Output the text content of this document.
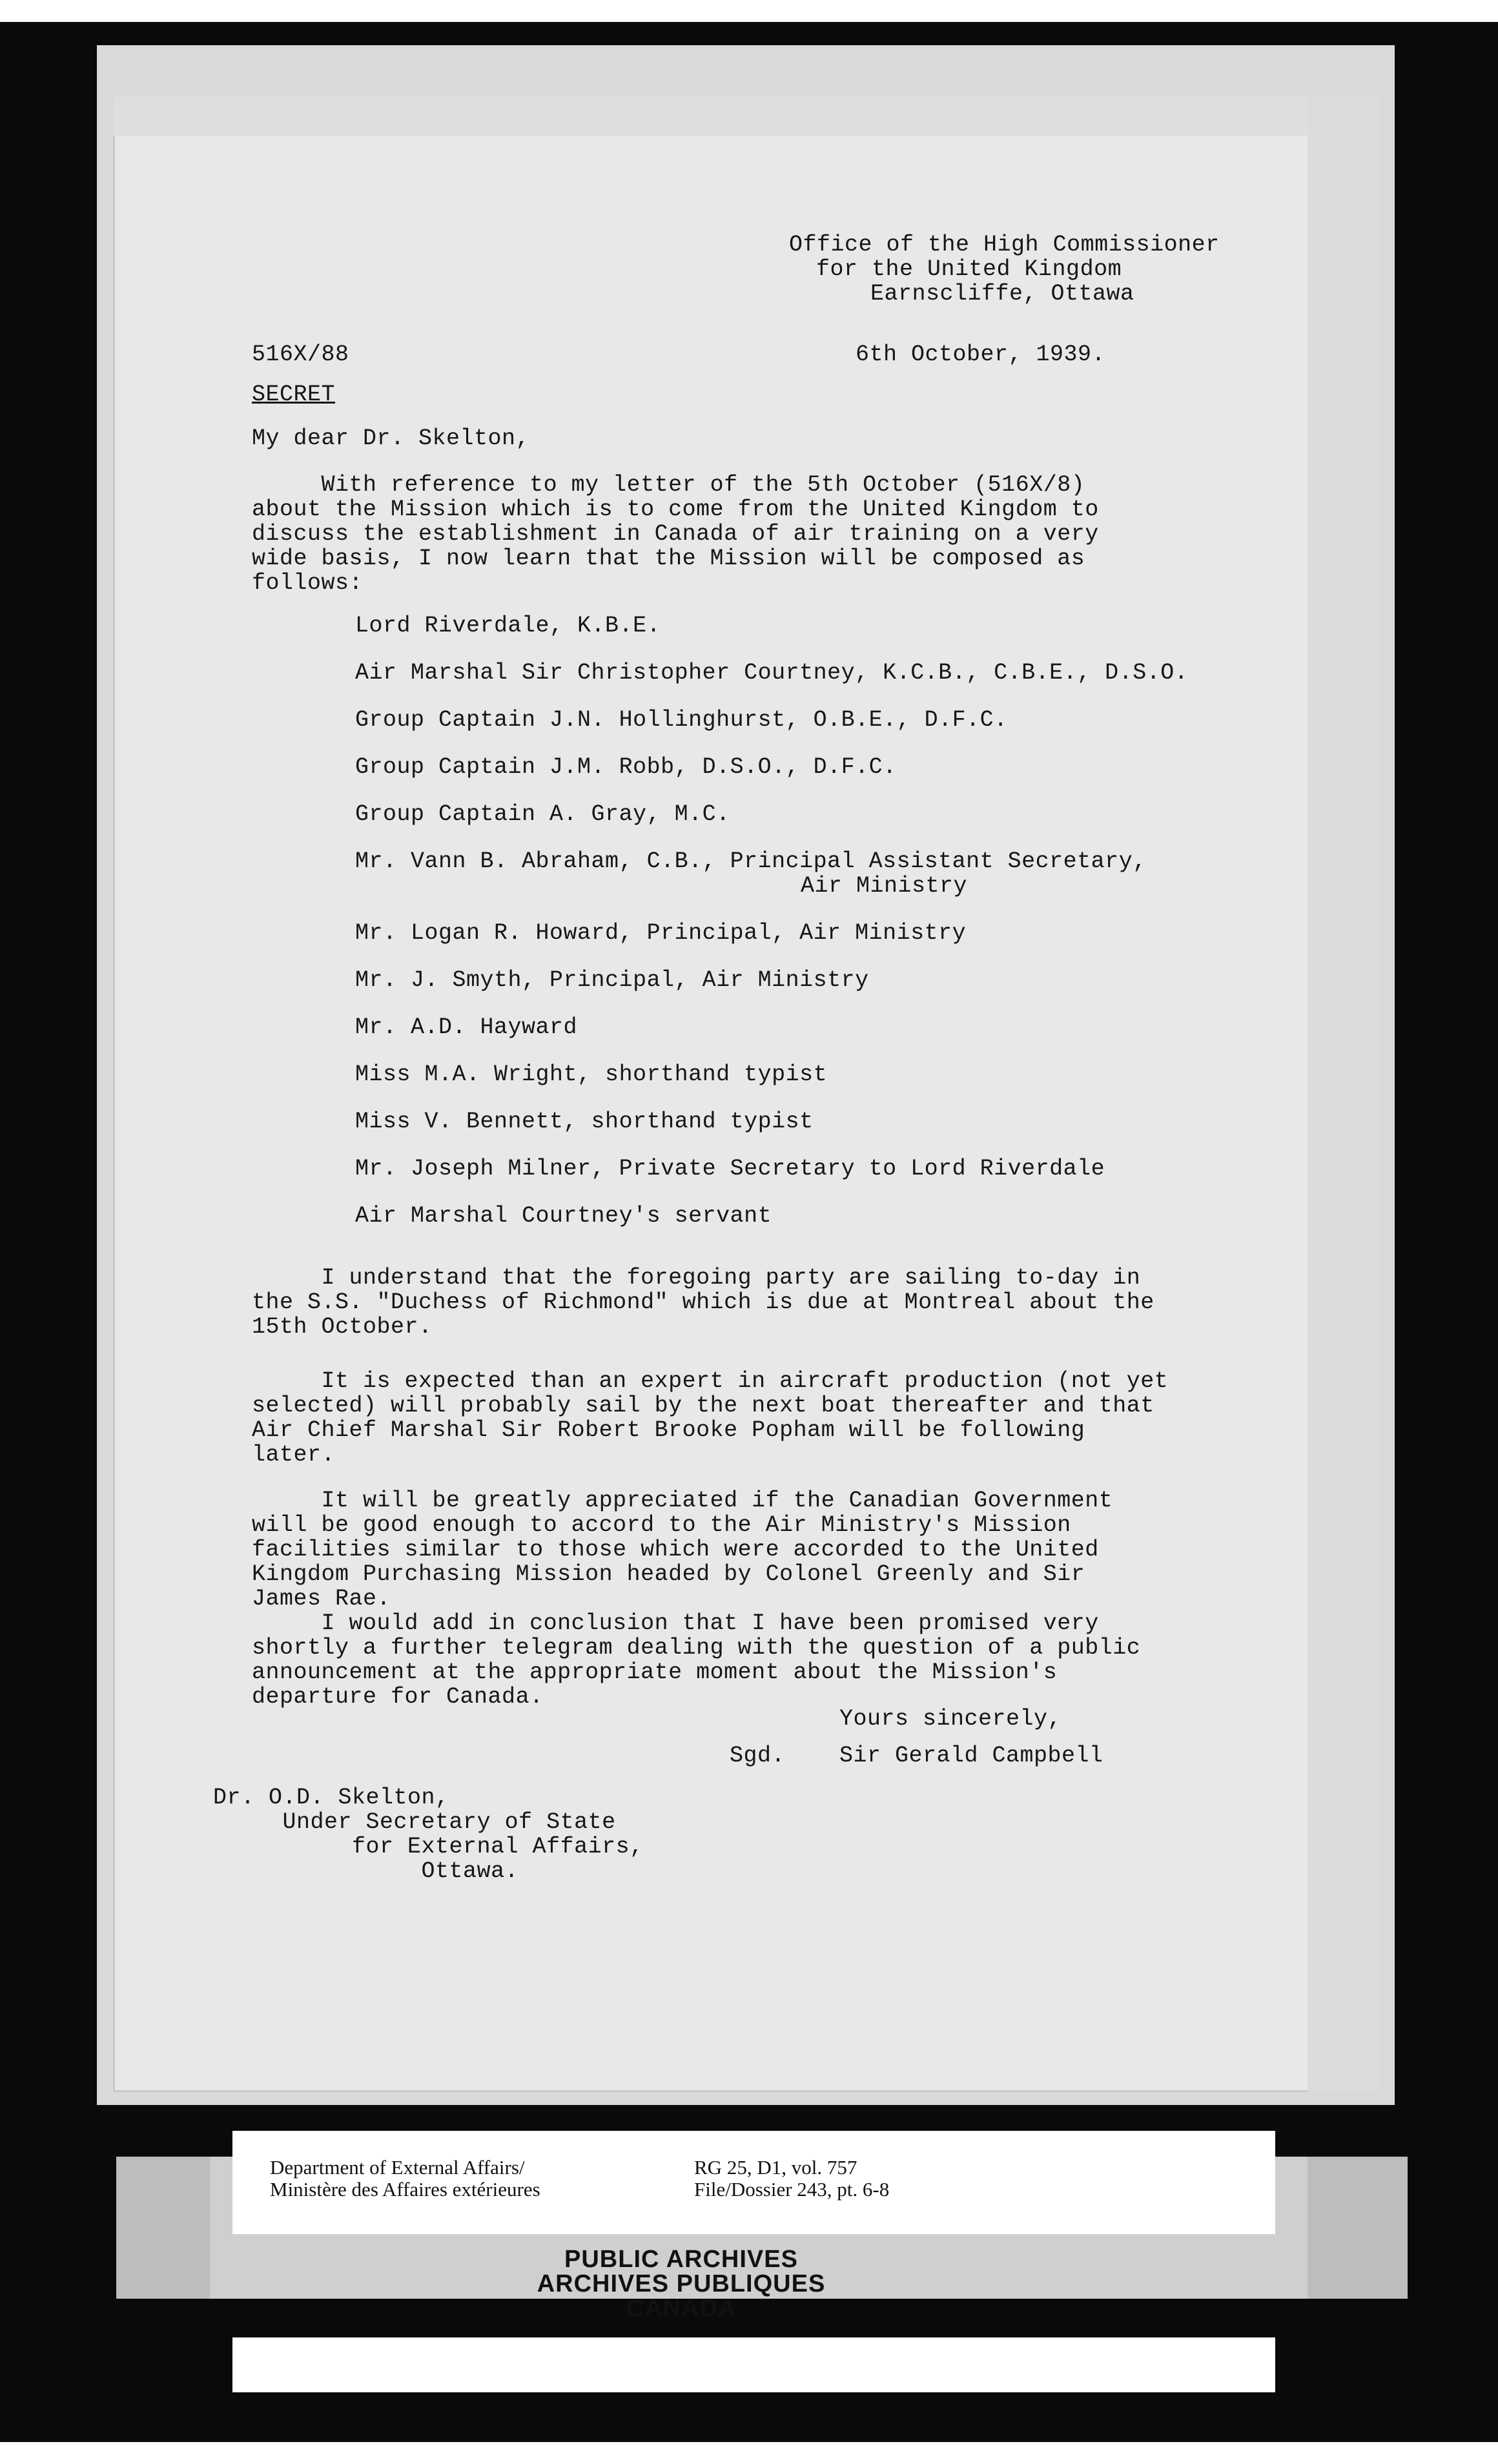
Office of the High Commissioner
for the United Kingdom
Earnscliffe, Ottawa
516X/88	6th October, 1939.
SECRET
My dear Dr. Skelton,
With reference to my letter of the 5th October (516X/8)
about the Mission which is to come from the United Kingdom to
discuss the establishment in Canada of air training on a very
wide basis, I now learn that the Mission will be composed as
follows:
Lord Riverdale, K.B.E.
Air Marshal Sir Christopher Courtney, K.C.B., C.B.E., D.S.O.
Group Captain J.N. Hollinghurst, O.B.E., D.F.C.
Group Captain J.M. Robb, D.S.O., D.F.C.
Group Captain A. Gray, M.C.
Mr. Vann B. Abraham, C.B., Principal Assistant Secretary,
Air Ministry
Mr. Logan R. Howard, Principal, Air Ministry
Mr. J. Smyth, Principal, Air Ministry
Mr. A.D. Hayward
Miss M.A. Wright, shorthand typist
Miss V. Bennett, shorthand typist
Mr. Joseph Milner, Private Secretary to Lord Riverdale
Air Marshal Courtney's servant
I understand that the foregoing party are sailing to-day in
the S.S. "Duchess of Richmond" which is due at Montreal about the
15th October.
It is expected than an expert in aircraft production (not yet
selected) will probably sail by the next boat thereafter and that
Air Chief Marshal Sir Robert Brooke Popham will be following
later.
It will be greatly appreciated if the Canadian Government
will be good enough to accord to the Air Ministry's Mission
facilities similar to those which were accorded to the United
Kingdom Purchasing Mission headed by Colonel Greenly and Sir
James Rae.
I would add in conclusion that I have been promised very
shortly a further telegram dealing with the question of a public
announcement at the appropriate moment about the Mission's
departure for Canada.
Yours sincerely,
Sgd. Sir Gerald Campbell
Dr. O.D. Skelton,
Under Secretary of State
for External Affairs,
Ottawa.
Department of External Affairs/
Ministère des Affaires extérieures
RG 25, D1, vol. 757
File/Dossier 243, pt. 6-8
PUBLIC ARCHIVES
ARCHIVES PUBLIQUES
CANADA
